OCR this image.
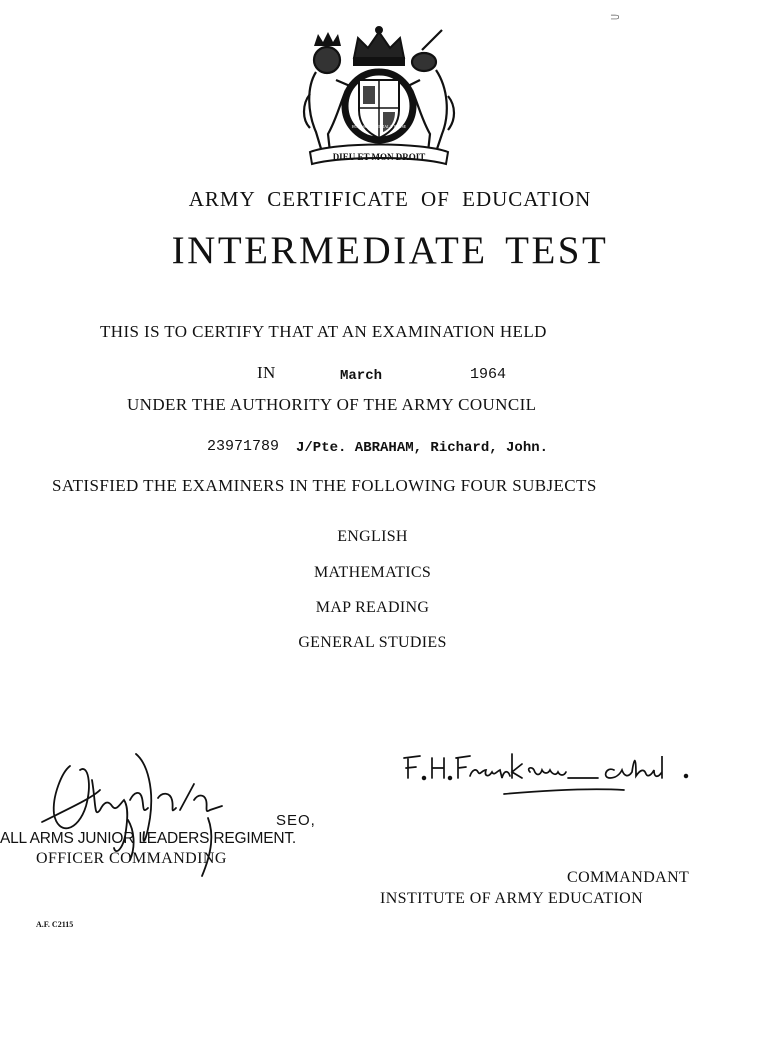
DIEU ET MON DROIT
HONI SOIT QUI MAL Y PENSE
⸧
ARMY CERTIFICATE OF EDUCATION
INTERMEDIATE TEST
THIS IS TO CERTIFY THAT AT AN EXAMINATION HELD
IN	March	1964
UNDER THE AUTHORITY OF THE ARMY COUNCIL
23971789 J/Pte. ABRAHAM, Richard, John.
SATISFIED THE EXAMINERS IN THE FOLLOWING FOUR SUBJECTS
ENGLISH
MATHEMATICS
MAP READING
GENERAL STUDIES
S Playfair/maj
SEO,
ALL ARMS JUNIOR LEADERS REGIMENT.
OFFICER COMMANDING
F.H. Frankcom Colonel
COMMANDANT
INSTITUTE OF ARMY EDUCATION
A.F. C2115
